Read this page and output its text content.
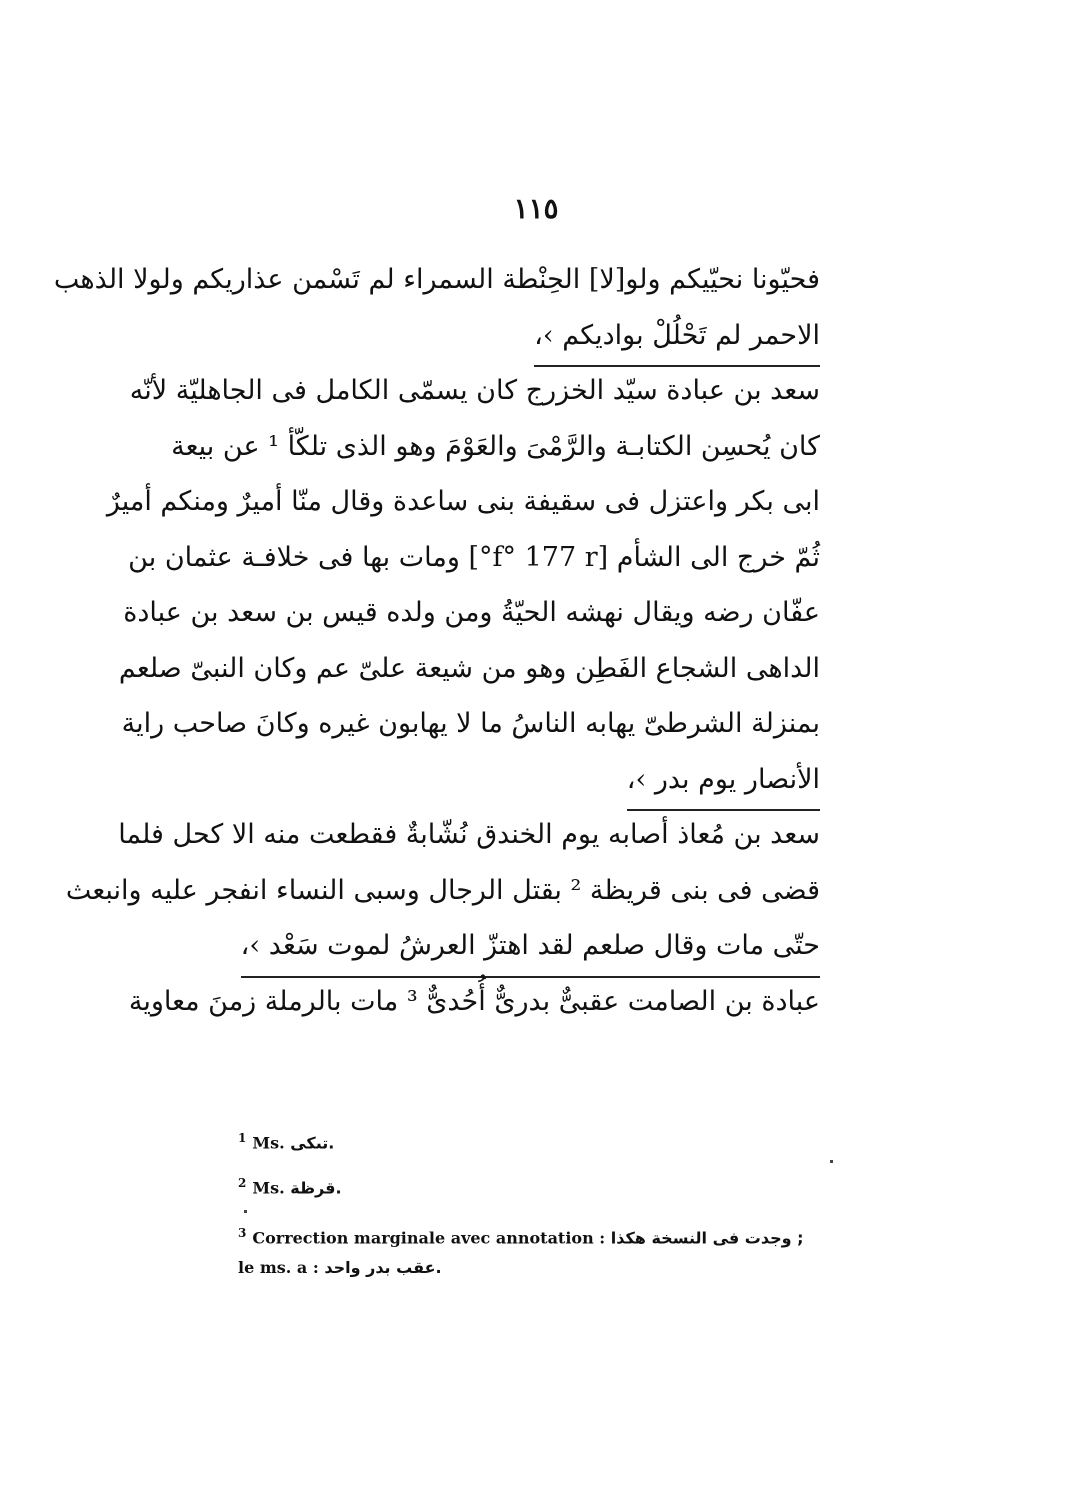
١١٥
فحيّونا نحيّيكم ولو[لا] الحِنْطة السمراء لم تَسْمن عذاريكم ولولا الذهب
الاحمر لم تَحْلُلْ بواديكم ›،
سعد بن عبادة سيّد الخزرج كان يسمّى الكامل فى الجاهليّة لأنّه
كان يُحسِن الكتابـة والرَّمْىَ والعَوْمَ وهو الذى تلكّأ ¹ عن بيعة
ابى بكر واعتزل فى سقيفة بنى ساعدة وقال منّا أميرٌ ومنكم أميرٌ
ثُمّ خرج الى الشأم [f° 177 r°] ومات بها فى خلافـة عثمان بن
عفّان رضه ويقال نهشه الحيّةُ ومن ولده قيس بن سعد بن عبادة
الداهى الشجاع الفَطِن وهو من شيعة علىّ عم وكان النبىّ صلعم
بمنزلة الشرطىّ يهابه الناسُ ما لا يهابون غيره وكانَ صاحب راية
الأنصار يوم بدر ›،
سعد بن مُعاذ أصابه يوم الخندق نُشّابةٌ فقطعت منه الا كحل فلما
قضى فى بنى قريظة ² بقتل الرجال وسبى النساء انفجر عليه وانبعث
حتّى مات وقال صلعم لقد اهتزّ العرشُ لموت سَعْد ›،
عبادة بن الصامت عقبىٌّ بدرىٌّ أُحُدىٌّ ³ مات بالرملة زمنَ معاوية
$^1$ Ms. تىكى.
$^2$ Ms. قرظة.
$^3$ Correction marginale avec annotation : وجدت فى النسخة هكذا ;
le ms. a : عقب بدر واحد.
